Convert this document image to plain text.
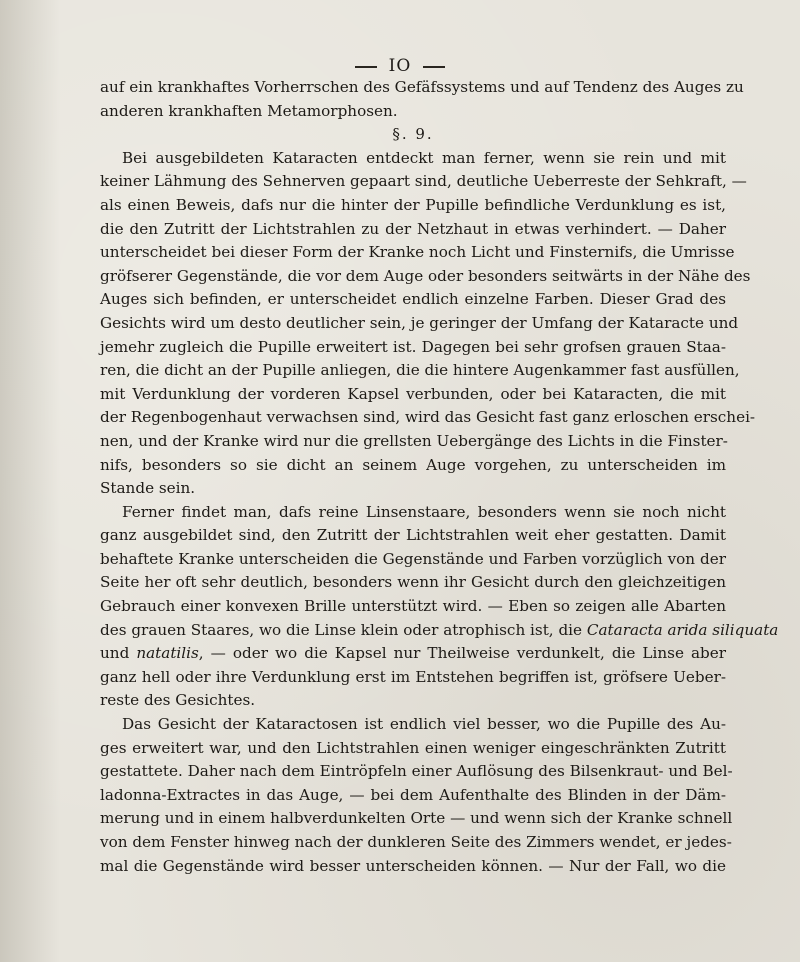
IO
auf ein krankhaftes Vorherrschen des Gefäfssystems und auf Tendenz des Auges zu
anderen krankhaften Metamorphosen.
§. 9.
Bei ausgebildeten Kataracten entdeckt man ferner, wenn sie rein und mit
keiner Lähmung des Sehnerven gepaart sind, deutliche Ueberreste der Sehkraft, —
als einen Beweis, dafs nur die hinter der Pupille befindliche Verdunklung es ist,
die den Zutritt der Lichtstrahlen zu der Netzhaut in etwas verhindert. — Daher
unterscheidet bei dieser Form der Kranke noch Licht und Finsternifs, die Umrisse
gröfserer Gegenstände, die vor dem Auge oder besonders seitwärts in der Nähe des
Auges sich befinden, er unterscheidet endlich einzelne Farben. Dieser Grad des
Gesichts wird um desto deutlicher sein, je geringer der Umfang der Kataracte und
jemehr zugleich die Pupille erweitert ist. Dagegen bei sehr grofsen grauen Staa-
ren, die dicht an der Pupille anliegen, die die hintere Augenkammer fast ausfüllen,
mit Verdunklung der vorderen Kapsel verbunden, oder bei Kataracten, die mit
der Regenbogenhaut verwachsen sind, wird das Gesicht fast ganz erloschen erschei-
nen, und der Kranke wird nur die grellsten Uebergänge des Lichts in die Finster-
nifs, besonders so sie dicht an seinem Auge vorgehen, zu unterscheiden im
Stande sein.
Ferner findet man, dafs reine Linsenstaare, besonders wenn sie noch nicht
ganz ausgebildet sind, den Zutritt der Lichtstrahlen weit eher gestatten. Damit
behaftete Kranke unterscheiden die Gegenstände und Farben vorzüglich von der
Seite her oft sehr deutlich, besonders wenn ihr Gesicht durch den gleichzeitigen
Gebrauch einer konvexen Brille unterstützt wird. — Eben so zeigen alle Abarten
des grauen Staares, wo die Linse klein oder atrophisch ist, die Cataracta arida siliquata
und natatilis, — oder wo die Kapsel nur Theilweise verdunkelt, die Linse aber
ganz hell oder ihre Verdunklung erst im Entstehen begriffen ist, gröfsere Ueber-
reste des Gesichtes.
Das Gesicht der Kataractosen ist endlich viel besser, wo die Pupille des Au-
ges erweitert war, und den Lichtstrahlen einen weniger eingeschränkten Zutritt
gestattete. Daher nach dem Eintröpfeln einer Auflösung des Bilsenkraut- und Bel-
ladonna-Extractes in das Auge, — bei dem Aufenthalte des Blinden in der Däm-
merung und in einem halbverdunkelten Orte — und wenn sich der Kranke schnell
von dem Fenster hinweg nach der dunkleren Seite des Zimmers wendet, er jedes-
mal die Gegenstände wird besser unterscheiden können. — Nur der Fall, wo die
